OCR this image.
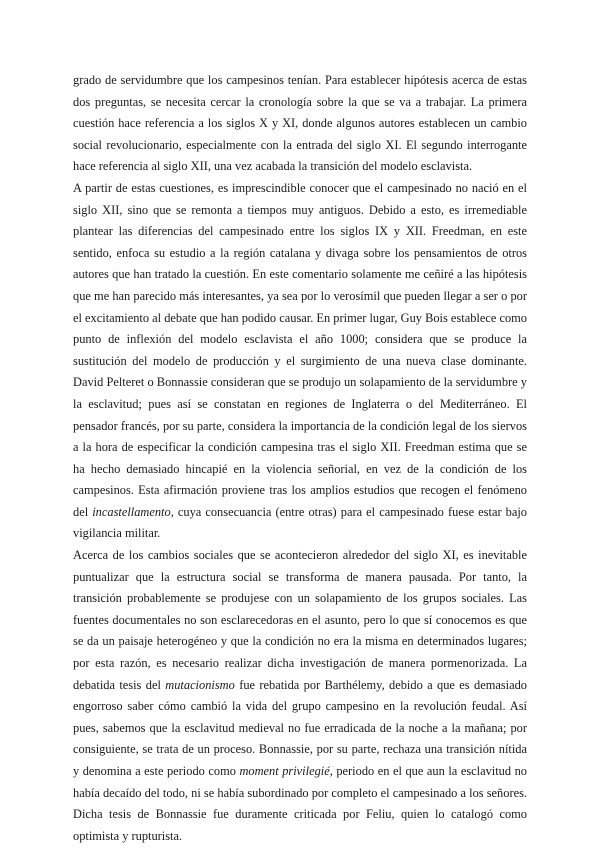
grado de servidumbre que los campesinos tenían. Para establecer hipótesis acerca de estas dos preguntas, se necesita cercar la cronología sobre la que se va a trabajar. La primera cuestión hace referencia a los siglos X y XI, donde algunos autores establecen un cambio social revolucionario, especialmente con la entrada del siglo XI. El segundo interrogante hace referencia al siglo XII, una vez acabada la transición del modelo esclavista.

A partir de estas cuestiones, es imprescindible conocer que el campesinado no nació en el siglo XII, sino que se remonta a tiempos muy antiguos. Debido a esto, es irremediable plantear las diferencias del campesinado entre los siglos IX y XII. Freedman, en este sentido, enfoca su estudio a la región catalana y divaga sobre los pensamientos de otros autores que han tratado la cuestión. En este comentario solamente me ceñiré a las hipótesis que me han parecido más interesantes, ya sea por lo verosímil que pueden llegar a ser o por el excitamiento al debate que han podido causar. En primer lugar, Guy Bois establece como punto de inflexión del modelo esclavista el año 1000; considera que se produce la sustitución del modelo de producción y el surgimiento de una nueva clase dominante. David Pelteret o Bonnassie consideran que se produjo un solapamiento de la servidumbre y la esclavitud; pues así se constatan en regiones de Inglaterra o del Mediterráneo. El pensador francés, por su parte, considera la importancia de la condición legal de los siervos a la hora de especificar la condición campesina tras el siglo XII. Freedman estima que se ha hecho demasiado hincapié en la violencia señorial, en vez de la condición de los campesinos. Esta afirmación proviene tras los amplios estudios que recogen el fenómeno del incastellamento, cuya consecuancia (entre otras) para el campesinado fuese estar bajo vigilancia militar.

Acerca de los cambios sociales que se acontecieron alrededor del siglo XI, es inevitable puntualizar que la estructura social se transforma de manera pausada. Por tanto, la transición probablemente se produjese con un solapamiento de los grupos sociales. Las fuentes documentales no son esclarecedoras en el asunto, pero lo que sí conocemos es que se da un paisaje heterogéneo y que la condición no era la misma en determinados lugares; por esta razón, es necesario realizar dicha investigación de manera pormenorizada. La debatida tesis del mutacionismo fue rebatida por Barthélemy, debido a que es demasiado engorroso saber cómo cambió la vida del grupo campesino en la revolución feudal. Así pues, sabemos que la esclavitud medieval no fue erradicada de la noche a la mañana; por consiguiente, se trata de un proceso. Bonnassie, por su parte, rechaza una transición nítida y denomina a este periodo como moment privilegié, periodo en el que aun la esclavitud no había decaído del todo, ni se había subordinado por completo el campesinado a los señores. Dicha tesis de Bonnassie fue duramente criticada por Feliu, quien lo catalogó como optimista y rupturista.
